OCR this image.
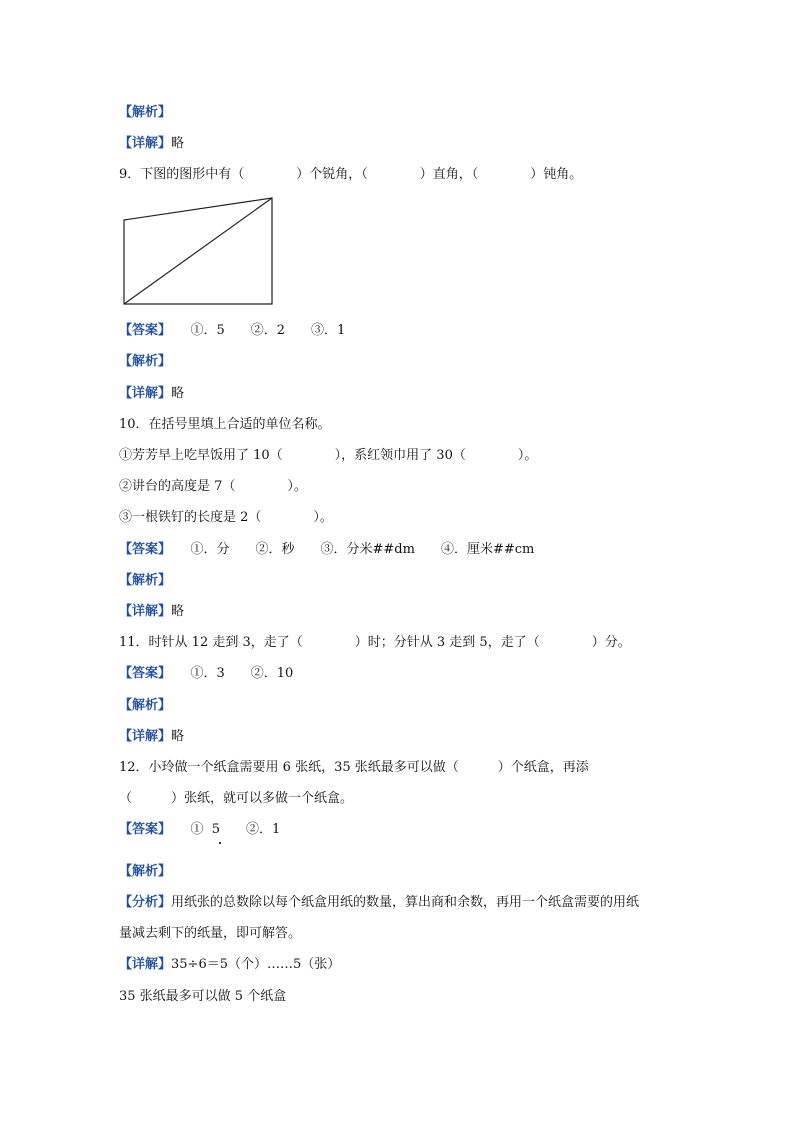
【解析】
【详解】略
9．下图的图形中有（　　　　）个锐角，（　　　　）直角，（　　　　）钝角。
【答案】　　①．5　　②．2　　③．1
【解析】
【详解】略
10．在括号里填上合适的单位名称。
①芳芳早上吃早饭用了 10（　　　　），系红领巾用了 30（　　　　）。
②讲台的高度是 7（　　　　）。
③一根铁钉的长度是 2（　　　　）。
【答案】　　①．分　　②．秒　　③．分米##dm　　④．厘米##cm
【解析】
【详解】略
11．时针从 12 走到 3，走了（　　　　）时；分针从 3 走到 5，走了（　　　　）分。
【答案】　　①．3　　②．10
【解析】
【详解】略
12．小玲做一个纸盒需要用 6 张纸，35 张纸最多可以做（　　　）个纸盒，再添
（　　　）张纸，就可以多做一个纸盒。
【答案】　　①  5　　②．1
【解析】
【分析】用纸张的总数除以每个纸盒用纸的数量，算出商和余数，再用一个纸盒需要的用纸
量减去剩下的纸量，即可解答。
【详解】35÷6＝5（个）……5（张）
35 张纸最多可以做 5 个纸盒
